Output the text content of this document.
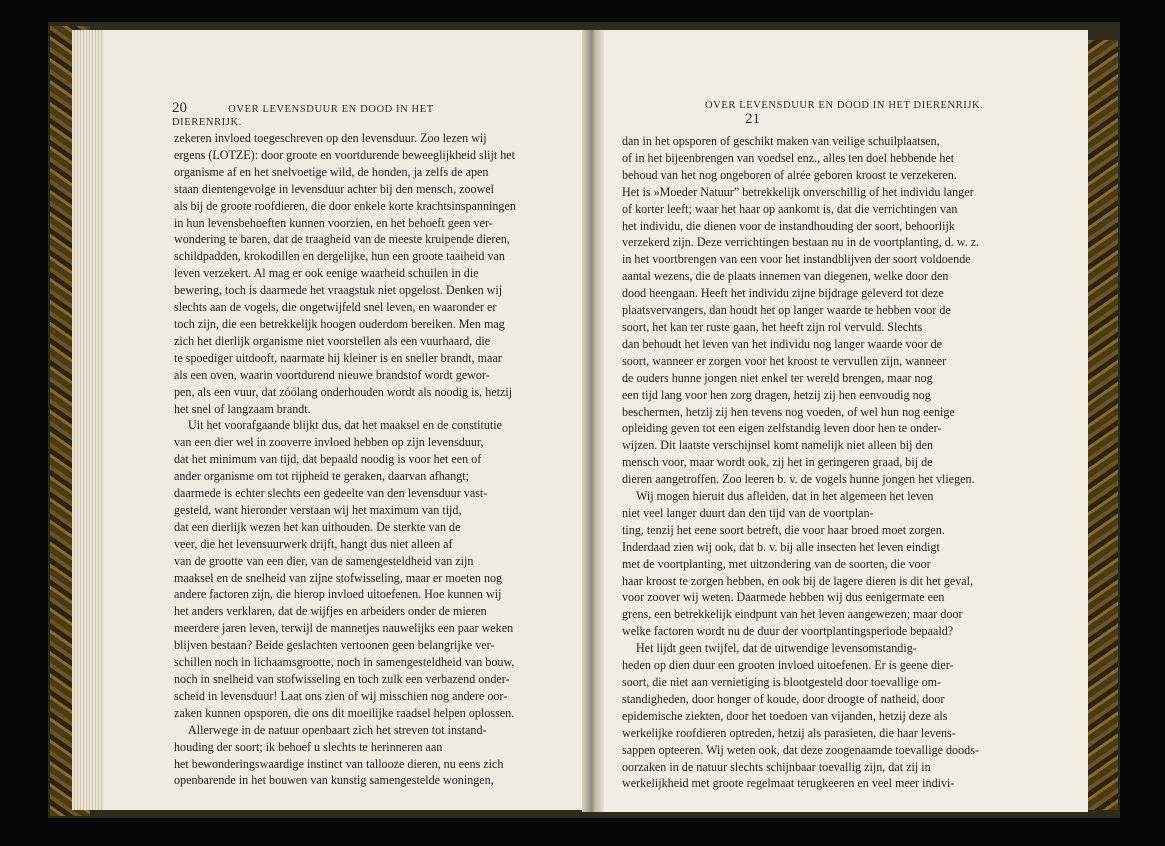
20	OVER LEVENSDUUR EN DOOD IN HET DIERENRIJK.
OVER LEVENSDUUR EN DOOD IN HET DIERENRIJK. 21
zekeren invloed toegeschreven op den levensduur. Zoo lezen wij
ergens (LOTZE): door groote en voortdurende beweeglijkheid slijt het
organisme af en het snelvoetige wild, de honden, ja zelfs de apen
staan dientengevolge in levensduur achter bij den mensch, zoowel
als bij de groote roofdieren, die door enkele korte krachtsinspanningen
in hun levensbehoeften kunnen voorzien, en het behoeft geen ver-
wondering te baren, dat de traagheid van de meeste kruipende dieren,
schildpadden, krokodillen en dergelijke, hun een groote taaiheid van
leven verzekert. Al mag er ook eenige waarheid schuilen in die
bewering, toch is daarmede het vraagstuk niet opgelost. Denken wij
slechts aan de vogels, die ongetwijfeld snel leven, en waaronder er
toch zijn, die een betrekkelijk hoogen ouderdom bereiken. Men mag
zich het dierlijk organisme niet voorstellen als een vuurhaard, die
te spoediger uitdooft, naarmate hij kleiner is en sneller brandt, maar
als een oven, waarin voortdurend nieuwe brandstof wordt gewor-
pen, als een vuur, dat zóólang onderhouden wordt als noodig is, hetzij
het snel of langzaam brandt.
Uit het voorafgaande blijkt dus, dat het maaksel en de constitutie
van een dier wel in zooverre invloed hebben op zijn levensduur,
dat het minimum van tijd, dat bepaald noodig is voor het een of
ander organisme om tot rijpheid te geraken, daarvan afhangt;
daarmede is echter slechts een gedeelte van den levensduur vast-
gesteld, want hieronder verstaan wij het maximum van tijd,
dat een dierlijk wezen het kan uithouden. De sterkte van de
veer, die het levensuurwerk drijft, hangt dus niet alleen af
van de grootte van een dier, van de samengesteldheid van zijn
maaksel en de snelheid van zijne stofwisseling, maar er moeten nog
andere factoren zijn, die hierop invloed uitoefenen. Hoe kunnen wij
het anders verklaren, dat de wijfjes en arbeiders onder de mieren
meerdere jaren leven, terwijl de mannetjes nauwelijks een paar weken
blijven bestaan? Beide geslachten vertoonen geen belangrijke ver-
schillen noch in lichaamsgrootte, noch in samengesteldheid van bouw,
noch in snelheid van stofwisseling en toch zulk een verbazend onder-
scheid in levensduur! Laat ons zien of wij misschien nog andere oor-
zaken kunnen opsporen, die ons dit moeilijke raadsel helpen oplossen.
Allerwege in de natuur openbaart zich het streven tot instand-
houding der soort; ik behoef u slechts te herinneren aan
het bewonderingswaardige instinct van tallooze dieren, nu eens zich
openbarende in het bouwen van kunstig samengestelde woningen,
dan in het opsporen of geschikt maken van veilige schuilplaatsen,
of in het bijeenbrengen van voedsel enz., alles ten doel hebbende het
behoud van het nog ongeboren of alrée geboren kroost te verzekeren.
Het is »Moeder Natuur” betrekkelijk onverschillig of het individu langer
of korter leeft; waar het haar op aankomt is, dat die verrichtingen van
het individu, die dienen voor de instandhouding der soort, behoorlijk
verzekerd zijn. Deze verrichtingen bestaan nu in de voortplanting, d. w. z.
in het voortbrengen van een voor het instandblijven der soort voldoende
aantal wezens, die de plaats innemen van diegenen, welke door den
dood heengaan. Heeft het individu zijne bijdrage geleverd tot deze
plaatsvervangers, dan houdt het op langer waarde te hebben voor de
soort, het kan ter ruste gaan, het heeft zijn rol vervuld. Slechts
dan behoudt het leven van het individu nog langer waarde voor de
soort, wanneer er zorgen voor het kroost te vervullen zijn, wanneer
de ouders hunne jongen niet enkel ter wereld brengen, maar nog
een tijd lang voor hen zorg dragen, hetzij zij hen eenvoudig nog
beschermen, hetzij zij hen tevens nog voeden, of wel hun nog eenige
opleiding geven tot een eigen zelfstandig leven door hen te onder-
wijzen. Dit laatste verschijnsel komt namelijk niet alleen bij den
mensch voor, maar wordt ook, zij het in geringeren graad, bij de
dieren aangetroffen. Zoo leeren b. v. de vogels hunne jongen het vliegen.
Wij mogen hieruit dus afleiden, dat in het algemeen het leven
niet veel langer duurt dan den tijd van de voortplan-
ting, tenzij het eene soort betreft, die voor haar broed moet zorgen.
Inderdaad zien wij ook, dat b. v. bij alle insecten het leven eindigt
met de voortplanting, met uitzondering van de soorten, die voor
haar kroost te zorgen hebben, en ook bij de lagere dieren is dit het geval,
voor zoover wij weten. Daarmede hebben wij dus eenigermate een
grens, een betrekkelijk eindpunt van het leven aangewezen; maar door
welke factoren wordt nu de duur der voortplantingsperiode bepaald?
Het lijdt geen twijfel, dat de uitwendige levensomstandig-
heden op dien duur een grooten invloed uitoefenen. Er is geene dier-
soort, die niet aan vernietiging is blootgesteld door toevallige om-
standigheden, door honger of koude, door droogte of natheid, door
epidemische ziekten, door het toedoen van vijanden, hetzij deze als
werkelijke roofdieren optreden, hetzij als parasieten, die haar levens-
sappen opteeren. Wij weten ook, dat deze zoogenaamde toevallige doods-
oorzaken in de natuur slechts schijnbaar toevallig zijn, dat zij in
werkelijkheid met groote regelmaat terugkeeren en veel meer indivi-
